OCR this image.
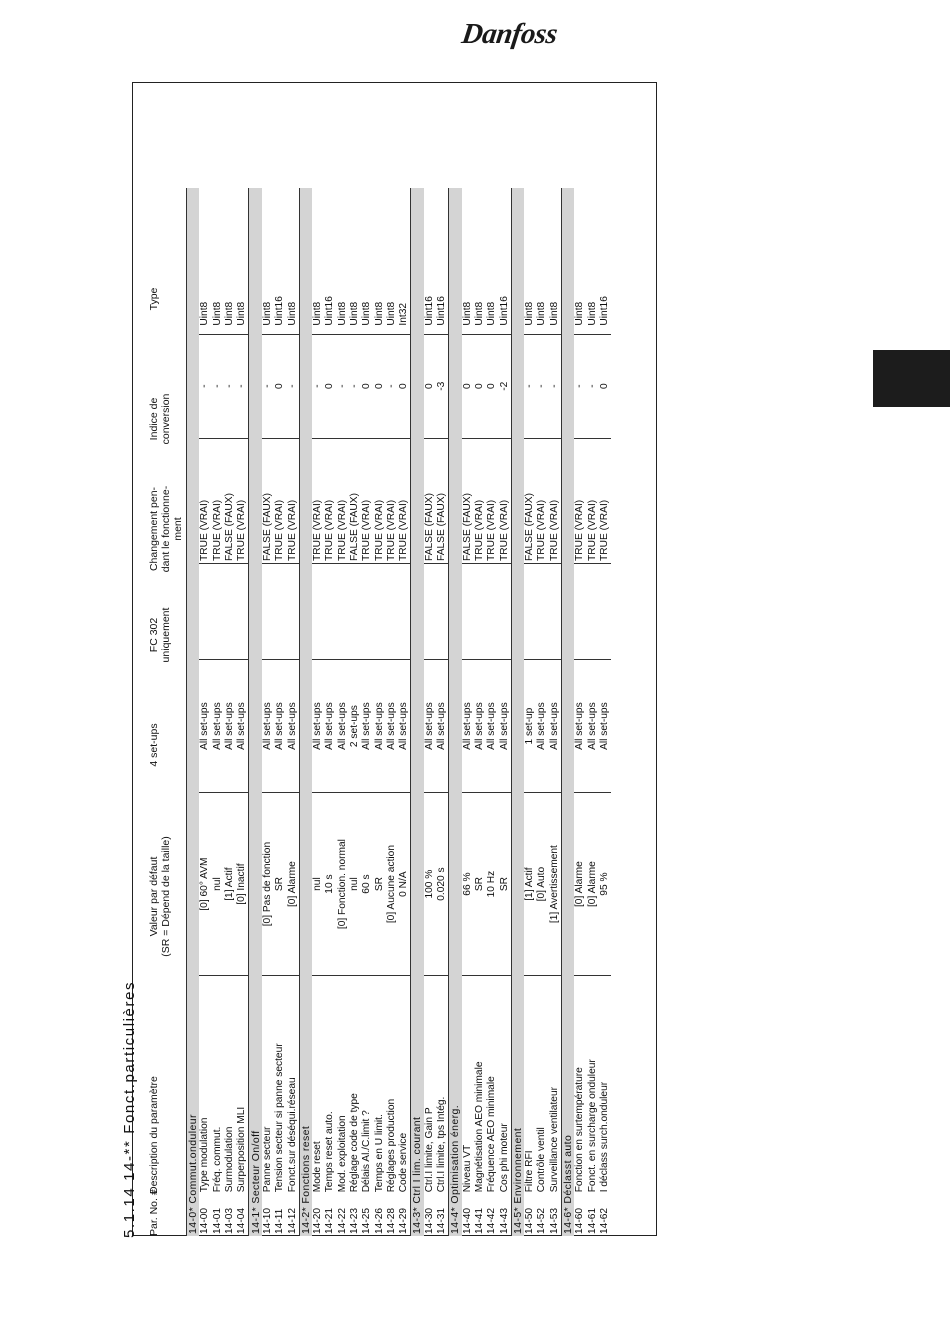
Danfoss
5.1.14 14-** Fonct.particulières Par. No. #
Description du paramètre
Valeur par défaut (SR = Dépend de la taille)
4 set-ups
FC 302 uniquement
Changement pen- dant le fonctionne- ment
Indice de conversion
Type
14-0* Commut.onduleur							
14-00	Type modulation	[0] 60° AVM	All set-ups		TRUE (VRAI)	-	Uint8
14-01	Fréq. commut.	nul	All set-ups		TRUE (VRAI)	-	Uint8
14-03	Surmodulation	[1] Actif	All set-ups		FALSE (FAUX)	-	Uint8
14-04	Surperposition MLI	[0] Inactif	All set-ups		TRUE (VRAI)	-	Uint8
14-1* Secteur On/off							
14-10	Panne secteur	[0] Pas de fonction	All set-ups		FALSE (FAUX)	-	Uint8
14-11	Tension secteur si panne secteur	SR	All set-ups		TRUE (VRAI)	0	Uint16
14-12	Fonct.sur déséqui.réseau	[0] Alarme	All set-ups		TRUE (VRAI)	-	Uint8
14-2* Fonctions reset							
14-20	Mode reset	nul	All set-ups		TRUE (VRAI)	-	Uint8
14-21	Temps reset auto.	10 s	All set-ups		TRUE (VRAI)	0	Uint16
14-22	Mod. exploitation	[0] Fonction. normal	All set-ups		TRUE (VRAI)	-	Uint8
14-23	Réglage code de type	nul	2 set-ups		FALSE (FAUX)	-	Uint8
14-25	Délais Al./C.limit ?	60 s	All set-ups		TRUE (VRAI)	0	Uint8
14-26	Temps en U limit.	SR	All set-ups		TRUE (VRAI)	0	Uint8
14-28	Réglages production	[0] Aucune action	All set-ups		TRUE (VRAI)	-	Uint8
14-29	Code service	0 N/A	All set-ups		TRUE (VRAI)	0	Int32
14-3* Ctrl I lim. courant							
14-30	Ctrl.I limite, Gain P	100 %	All set-ups		FALSE (FAUX)	0	Uint16
14-31	Ctrl.I limite, tps Intég.	0.020 s	All set-ups		FALSE (FAUX)	-3	Uint16
14-4* Optimisation énerg.							
14-40	Niveau VT	66 %	All set-ups		FALSE (FAUX)	0	Uint8
14-41	Magnétisation AEO minimale	SR	All set-ups		TRUE (VRAI)	0	Uint8
14-42	Fréquence AEO minimale	10 Hz	All set-ups		TRUE (VRAI)	0	Uint8
14-43	Cos phi moteur	SR	All set-ups		TRUE (VRAI)	-2	Uint16
14-5* Environnement							
14-50	Filtre RFI	[1] Actif	1 set-up		FALSE (FAUX)	-	Uint8
14-52	Contrôle ventil	[0] Auto	All set-ups		TRUE (VRAI)	-	Uint8
14-53	Surveillance ventilateur	[1] Avertissement	All set-ups		TRUE (VRAI)	-	Uint8
14-6* Déclasst auto							
14-60	Fonction en surtempérature	[0] Alarme	All set-ups		TRUE (VRAI)	-	Uint8
14-61	Fonct. en surcharge onduleur	[0] Alarme	All set-ups		TRUE (VRAI)	-	Uint8
14-62	I déclass surch.onduleur	95 %	All set-ups		TRUE (VRAI)	0	Uint16
